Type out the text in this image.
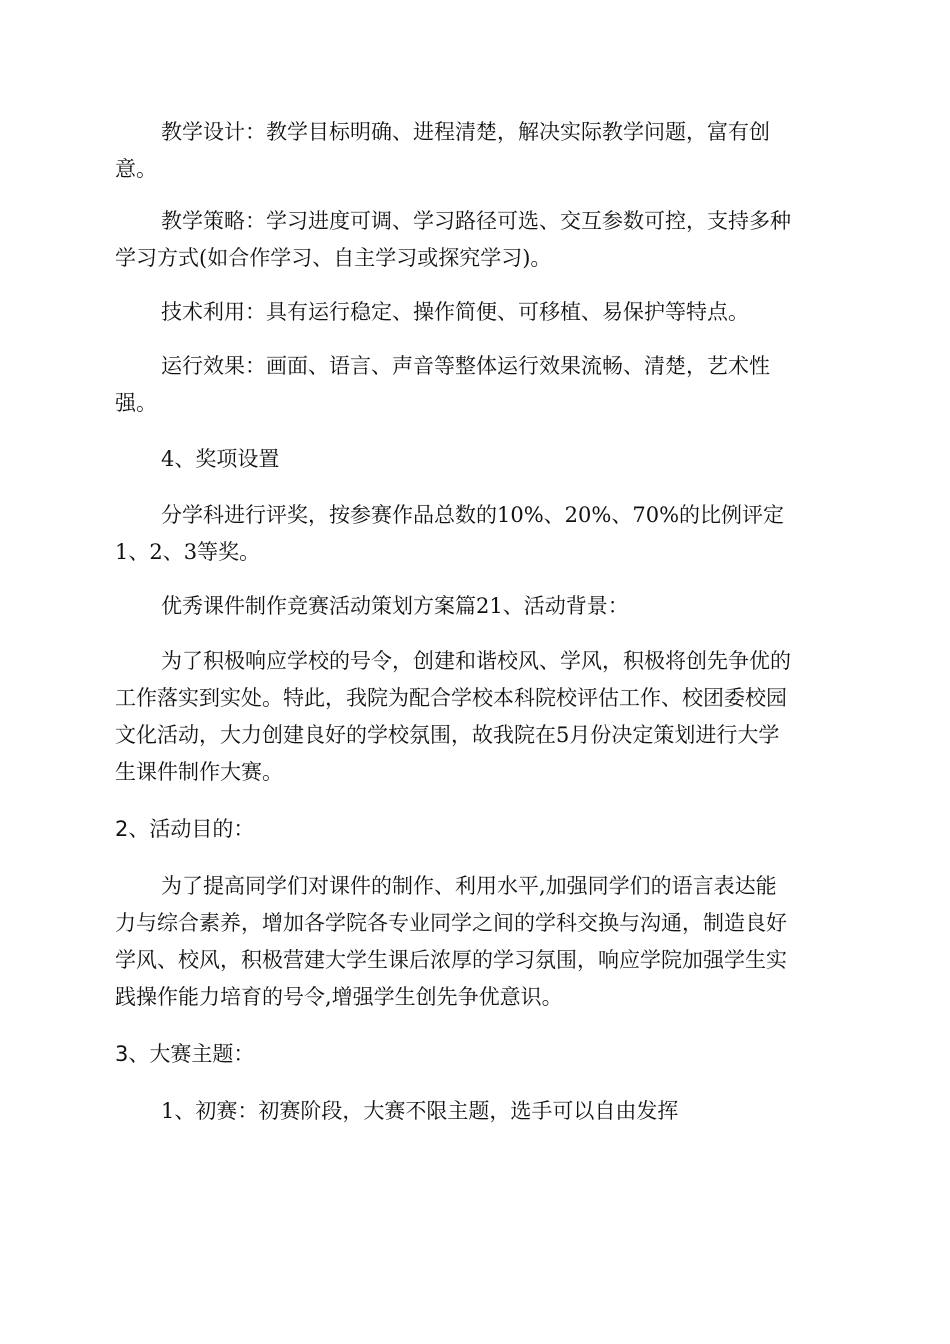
教学设计：教学目标明确、进程清楚，解决实际教学问题，富有创
意。

教学策略：学习进度可调、学习路径可选、交互参数可控，支持多种
学习方式(如合作学习、自主学习或探究学习)。

技术利用：具有运行稳定、操作简便、可移植、易保护等特点。

运行效果：画面、语言、声音等整体运行效果流畅、清楚，艺术性
强。

4、奖项设置

分学科进行评奖，按参赛作品总数的10%、20%、70%的比例评定
1、2、3等奖。

优秀课件制作竞赛活动策划方案篇21、活动背景：

为了积极响应学校的号令，创建和谐校风、学风，积极将创先争优的
工作落实到实处。特此，我院为配合学校本科院校评估工作、校团委校园
文化活动，大力创建良好的学校氛围，故我院在5月份决定策划进行大学
生课件制作大赛。

2、活动目的：

为了提高同学们对课件的制作、利用水平,加强同学们的语言表达能
力与综合素养，增加各学院各专业同学之间的学科交换与沟通，制造良好
学风、校风，积极营建大学生课后浓厚的学习氛围，响应学院加强学生实
践操作能力培育的号令,增强学生创先争优意识。

3、大赛主题：

1、初赛：初赛阶段，大赛不限主题，选手可以自由发挥
